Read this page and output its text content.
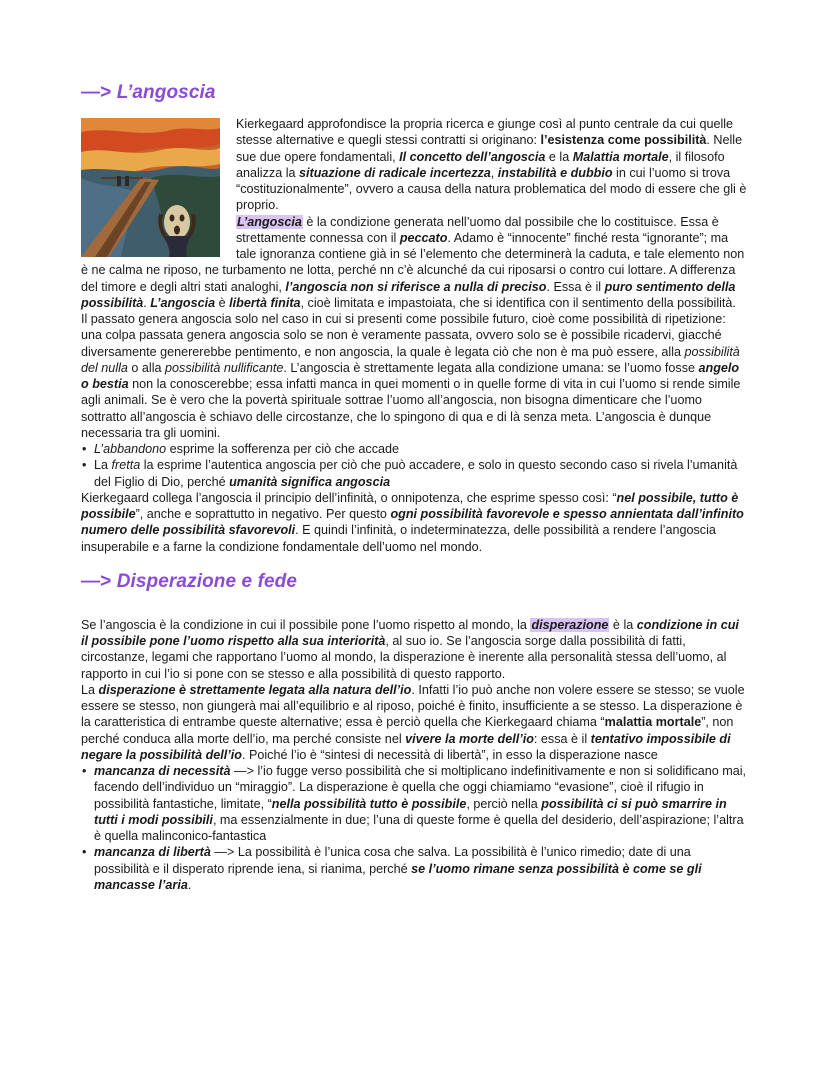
—> L’angoscia

Kierkegaard approfondisce la propria ricerca e giunge così al punto centrale da cui quelle stesse alternative e quegli stessi contratti si originano: l’esistenza come possibilità. Nelle sue due opere fondamentali, Il concetto dell’angoscia e la Malattia mortale, il filosofo analizza la situazione di radicale incertezza, instabilità e dubbio in cui l’uomo si trova “costituzionalmente”, ovvero a causa della natura problematica del modo di essere che gli è proprio.

L’angoscia è la condizione generata nell’uomo dal possibile che lo costituisce. Essa è strettamente connessa con il peccato. Adamo è “innocente” finché resta “ignorante”; ma tale ignoranza contiene già in sé l’elemento che determinerà la caduta, e tale elemento non è ne calma ne riposo, ne turbamento ne lotta, perché nn c’è alcunché da cui riposarsi o contro cui lottare. A differenza del timore e degli altri stati analoghi, l’angoscia non si riferisce a nulla di preciso. Essa è il puro sentimento della possibilità. L’angoscia è libertà finita, cioè limitata e impastoiata, che si identifica con il sentimento della possibilità.

Il passato genera angoscia solo nel caso in cui si presenti come possibile futuro, cioè come possibilità di ripetizione: una colpa passata genera angoscia solo se non è veramente passata, ovvero solo se è possibile ricadervi, giacché diversamente genererebbe pentimento, e non angoscia, la quale è legata ciò che non è ma può essere, alla possibilità del nulla o alla possibilità nullificante. L’angoscia è strettamente legata alla condizione umana: se l’uomo fosse angelo o bestia non la conoscerebbe; essa infatti manca in quei momenti o in quelle forme di vita in cui l’uomo si rende simile agli animali. Se è vero che la povertà spirituale sottrae l’uomo all’angoscia, non bisogna dimenticare che l’uomo sottratto all’angoscia è schiavo delle circostanze, che lo spingono di qua e di là senza meta. L’angoscia è dunque necessaria tra gli uomini.

• L’abbandono esprime la sofferenza per ciò che accade
• La fretta la esprime l’autentica angoscia per ciò che può accadere, e solo in questo secondo caso si rivela l’umanità del Figlio di Dio, perché umanità significa angoscia

Kierkegaard collega l’angoscia il principio dell’infinità, o onnipotenza, che esprime spesso così: “nel possibile, tutto è possibile”, anche e soprattutto in negativo. Per questo ogni possibilità favorevole e spesso annientata dall’infinito numero delle possibilità sfavorevoli. E quindi l’infinità, o indeterminatezza, delle possibilità a rendere l’angoscia insuperabile e a farne la condizione fondamentale dell’uomo nel mondo.

—> Disperazione e fede

Se l’angoscia è la condizione in cui il possibile pone l’uomo rispetto al mondo, la disperazione è la condizione in cui il possibile pone l’uomo rispetto alla sua interiorità, al suo io. Se l’angoscia sorge dalla possibilità di fatti, circostanze, legami che rapportano l’uomo al mondo, la disperazione è inerente alla personalità stessa dell’uomo, al rapporto in cui l’io si pone con se stesso e alla possibilità di questo rapporto.

La disperazione è strettamente legata alla natura dell’io. Infatti l’io può anche non volere essere se stesso; se vuole essere se stesso, non giungerà mai all’equilibrio e al riposo, poiché è finito, insufficiente a se stesso. La disperazione è la caratteristica di entrambe queste alternative; essa è perciò quella che Kierkegaard chiama “malattia mortale”, non perché conduca alla morte dell’io, ma perché consiste nel vivere la morte dell’io: essa è il tentativo impossibile di negare la possibilità dell’io. Poiché l’io è “sintesi di necessità di libertà”, in esso la disperazione nasce

• mancanza di necessità —> l’io fugge verso possibilità che si moltiplicano indefinitivamente e non si solidificano mai, facendo dell’individuo un “miraggio”. La disperazione è quella che oggi chiamiamo “evasione”, cioè il rifugio in possibilità fantastiche, limitate, “nella possibilità tutto è possibile, perciò nella possibilità ci si può smarrire in tutti i modi possibili, ma essenzialmente in due; l’una di queste forme è quella del desiderio, dell’aspirazione; l’altra è quella malinconico-fantastica
• mancanza di libertà —> La possibilità è l’unica cosa che salva. La possibilità è l’unico rimedio; date di una possibilità e il disperato riprende iena, si rianima, perché se l’uomo rimane senza possibilità è come se gli mancasse l’aria.
